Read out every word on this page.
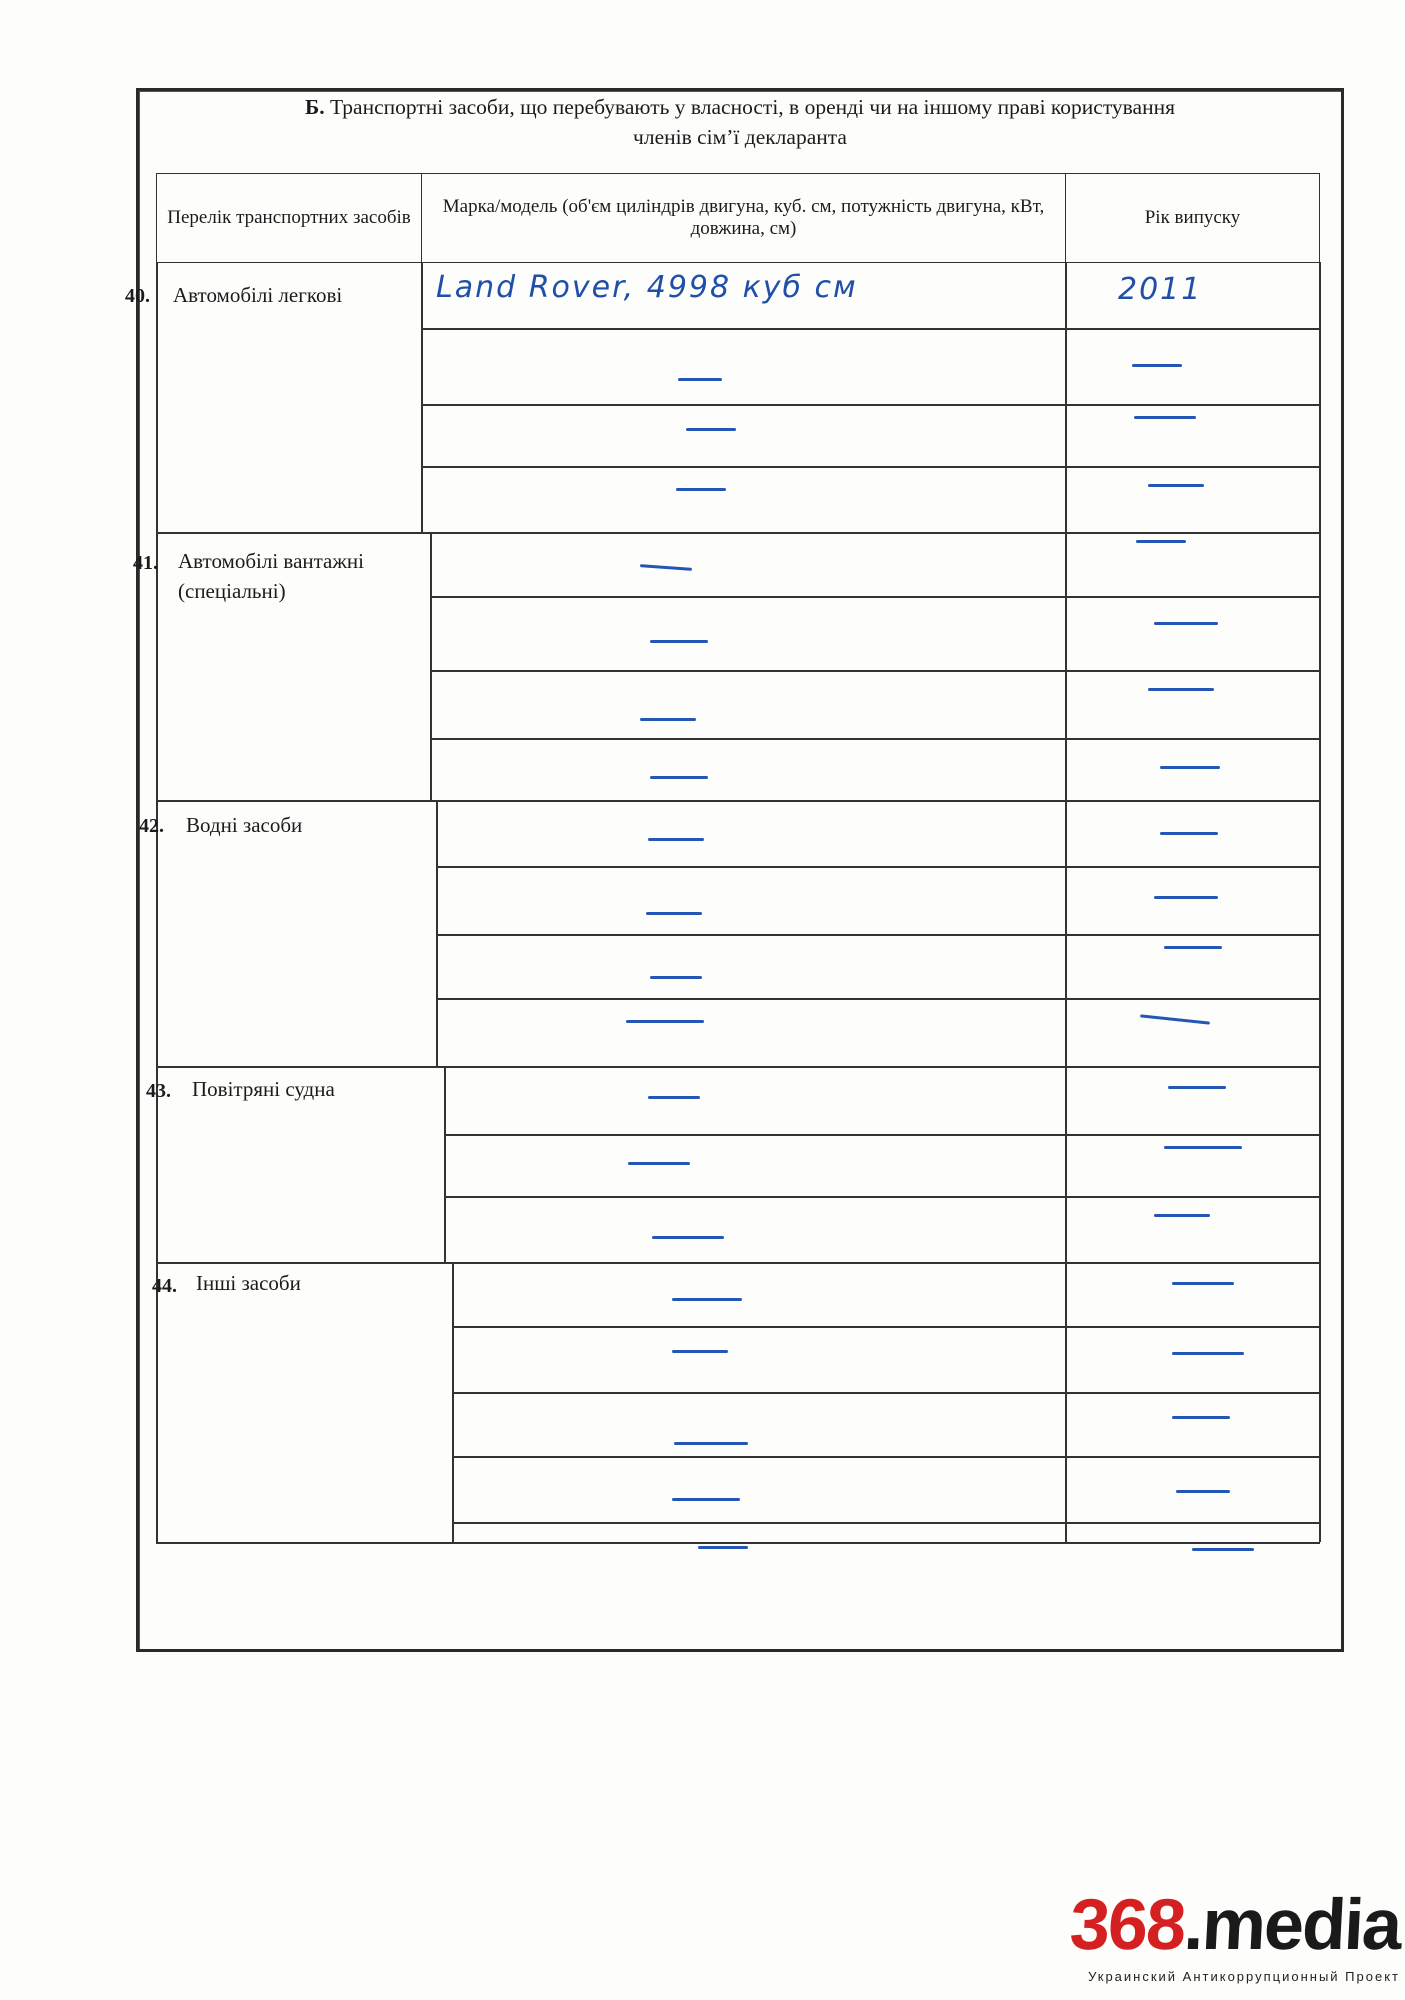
Б. Транспортні засоби, що перебувають у власності, в оренді чи на іншому праві користування
членів сім’ї декларанта
Перелік транспортних засобів
Марка/модель (об'єм циліндрів двигуна, куб. см, потужність двигуна, кВт, довжина, см)
Рік випуску
40. Автомобілі легкові
41. Автомобілі вантажні (спеціальні)
42. Водні засоби
43. Повітряні судна
44. Інші засоби
Land Rover, 4998 куб см	2011
368.media
Украинский Антикоррупционный Проект
